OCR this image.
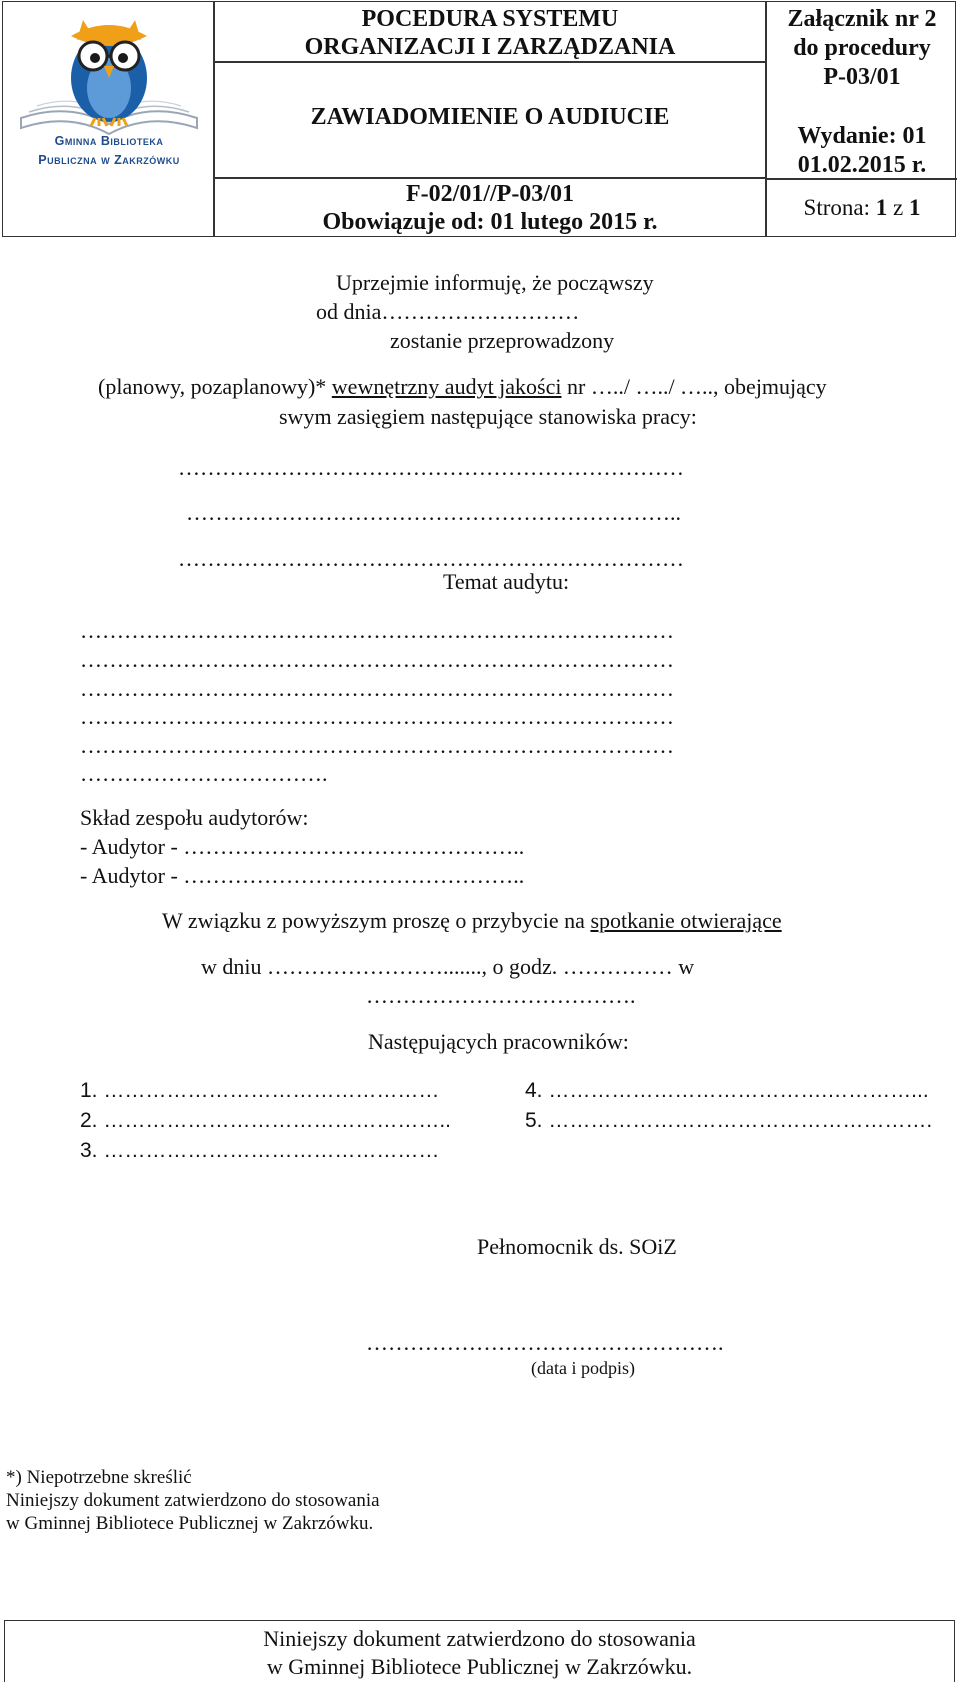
Gminna Biblioteka
Publiczna w Zakrzówku
POCEDURA SYSTEMU
ORGANIZACJI I ZARZĄDZANIA
ZAWIADOMIENIE O AUDIUCIE
F-02/01//P-03/01
Obowiązuje od: 01 lutego 2015 r.
Załącznik nr 2
do procedury
P-03/01
Wydanie: 01
01.02.2015 r.
Strona: 1 z 1
Uprzejmie informuję, że począwszy
od dnia………………………
zostanie przeprowadzony
(planowy, pozaplanowy)* wewnętrzny audyt jakości nr …../ …../ ….., obejmujący
swym zasięgiem następujące stanowiska pracy:
……………………………………………………………
…………………………………………………………..
……………………………………………………………
Temat audytu:
………………………………………………………………………
………………………………………………………………………
………………………………………………………………………
………………………………………………………………………
………………………………………………………………………
…………………………….
Skład zespołu audytorów:
- Audytor - ………………………………………..
- Audytor - ………………………………………..
W związku z powyższym proszę o przybycie na spotkanie otwierające
w dniu ……………………......., o godz. …………… w
……………………………….
Następujących pracowników:
1. …………………………………………
2. …………………………………………..
3. …………………………………………
4. ………………………………….…………...
5. ……………………………………………….
Pełnomocnik ds. SOiZ
………………………………………….
(data i podpis)
*) Niepotrzebne skreślić
Niniejszy dokument zatwierdzono do stosowania
w Gminnej Bibliotece Publicznej w Zakrzówku.
Niniejszy dokument zatwierdzono do stosowania
w Gminnej Bibliotece Publicznej w Zakrzówku.
